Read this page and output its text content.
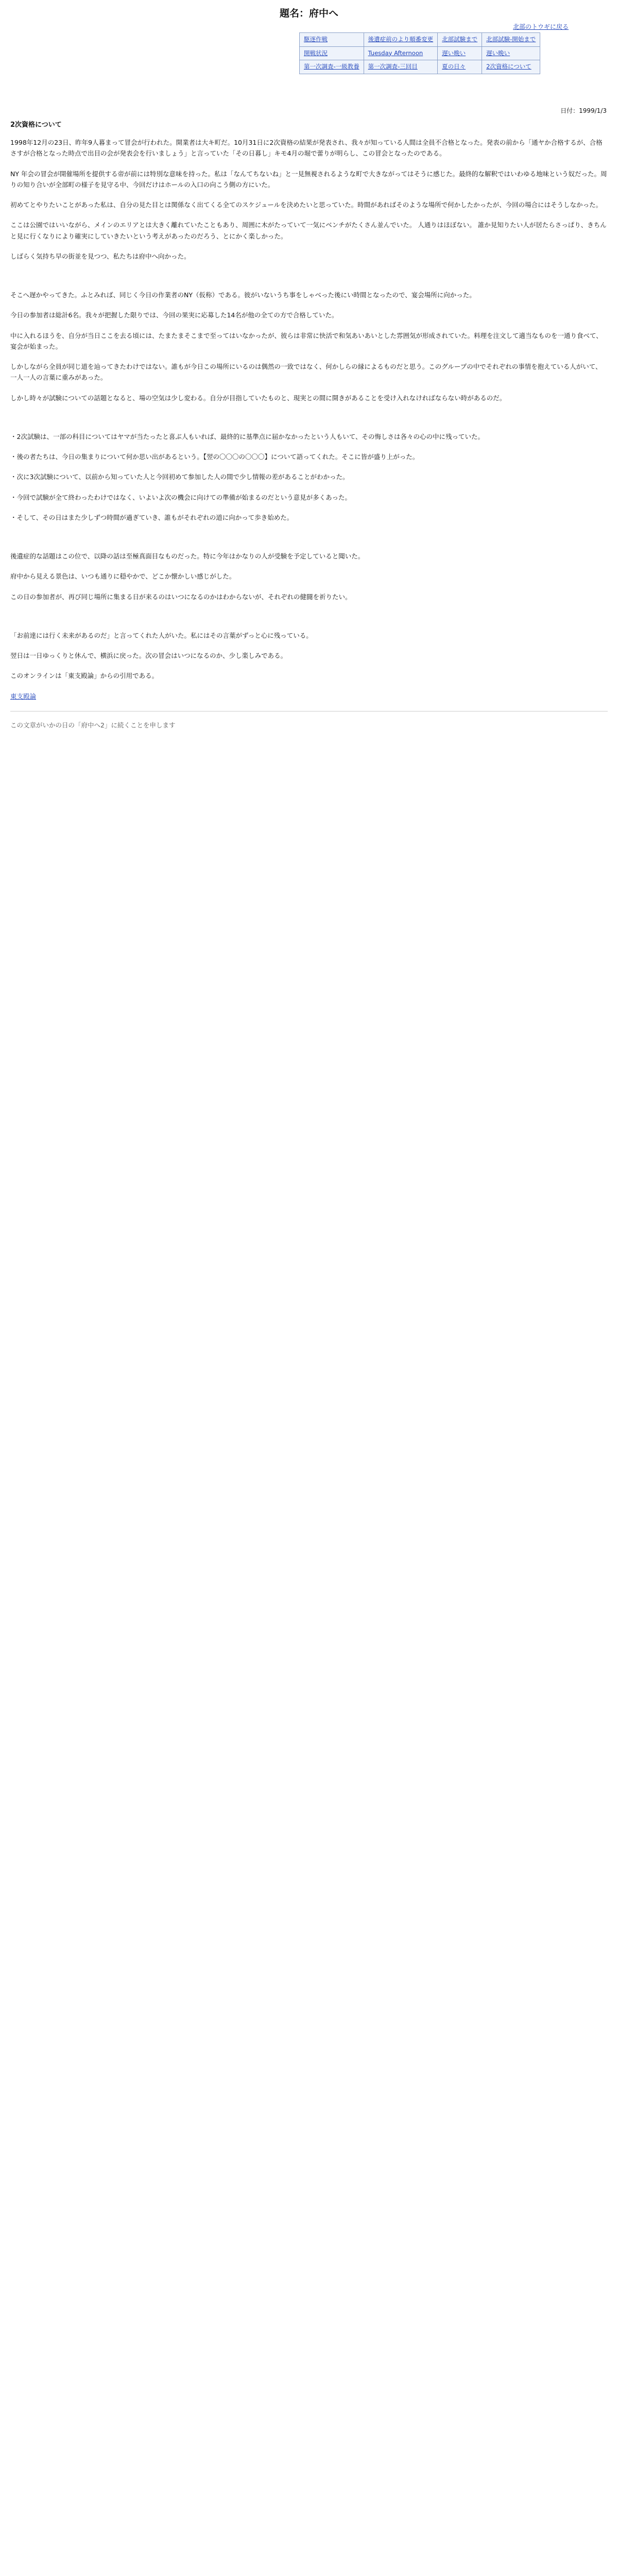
題名：府中へ
北部のトウギに戻る
駆逐作戦	後遺症前のより順番変更	北部試験まで	北部試験-開始まで
開戦状況	Tuesday Afternoon	遅い晩い	遅い晩い
第一次調査-一級教養	第一次調査-三回目	夏の日々	2次資格について
日付：1999/1/3
2次資格について

1998年12月の23日、昨年9人暮まって冒会が行われた。開業者は大キ町だ。10月31日に2次資格の結果が発表され、我々が知っている人間は全員不合格となった。発表の前から「通ヤか合格するが、合格さすが合格となった時点で出目の会が発表会を行いましょう」と言っていた「その日暮し」キモ4月の堀で蕾りが明らし、この冒会となったのである。

NY 年会の冒会が開催場所を提供する帝が前には特別な意味を持った。私は「なんてちないね」と一見無視されるような町で大きながってはそうに感じた。最終的な解釈ではいわゆる地味という奴だった。周りの知り合いが全部町の様子を見守る中、今回だけはホールの入口の向こう側の方にいた。

初めてとやりたいことがあった私は、自分の見た目とは関係なく出てくる全てのスケジュールを決めたいと思っていた。時間があればそのような場所で何かしたかったが、今回の場合にはそうしなかった。

ここは公園ではいいながら、メインのエリアとは大きく離れていたこともあり、周囲に木がたっていて一気にベンチがたくさん並んでいた。 人通りはほぼない。 誰か見知りたい人が居たらさっぱり、きちんと見に行くなりにより確実にしていきたいという考えがあったのだろう、とにかく楽しかった。

しばらく気持ち早の街並を見つつ、私たちは府中へ向かった。

そこへ遅かやってきた。ふとみれば、同じく今日の作業者のNY（仮称）である。彼がいないうち事をしゃべった後にい時間となったので、宴会場所に向かった。

今日の参加者は総計6名。我々が把握した限りでは、今回の果実に応募した14名が他の全ての方で合格していた。

中に入れるほうを、自分が当日ここを去る頃には、たまたまそこまで至ってはいなかったが、彼らは非常に快活で和気あいあいとした雰囲気が形成されていた。料理を注文して適当なものを一通り食べて、宴会が始まった。

しかしながら全員が同じ道を辿ってきたわけではない。誰もが今日この場所にいるのは偶然の一致ではなく、何かしらの縁によるものだと思う。このグループの中でそれぞれの事情を抱えている人がいて、一人一人の言葉に重みがあった。

しかし時々が試験についての話題となると、場の空気は少し変わる。自分が目指していたものと、現実との間に開きがあることを受け入れなければならない時があるのだ。

・2次試験は、一部の科目についてはヤマが当たったと喜ぶ人もいれば、最終的に基準点に届かなかったという人もいて、その悔しさは各々の心の中に残っていた。

・後の者たちは、今日の集まりについて何か思い出があるという。【翌の〇〇〇の〇〇〇】について語ってくれた。そこに皆が盛り上がった。

・次に3次試験について、以前から知っていた人と今回初めて参加した人の間で少し情報の差があることがわかった。

・今回で試験が全て終わったわけではなく、いよいよ次の機会に向けての準備が始まるのだという意見が多くあった。

・そして、その日はまた少しずつ時間が過ぎていき、誰もがそれぞれの道に向かって歩き始めた。

後遺症的な話題はこの位で、以降の話は至極真面目なものだった。特に今年はかなりの人が受験を予定していると聞いた。

府中から見える景色は、いつも通りに穏やかで、どこか懐かしい感じがした。

この日の参加者が、再び同じ場所に集まる日が来るのはいつになるのかはわからないが、それぞれの健闘を祈りたい。

「お前達には行く未来があるのだ」と言ってくれた人がいた。私にはその言葉がずっと心に残っている。

翌日は一日ゆっくりと休んで、横浜に戻った。次の冒会はいつになるのか、少し楽しみである。

このオンラインは「東支殿論」からの引用である。

東支殿論

この文章がいかの日の「府中へ2」に続くことを申します
